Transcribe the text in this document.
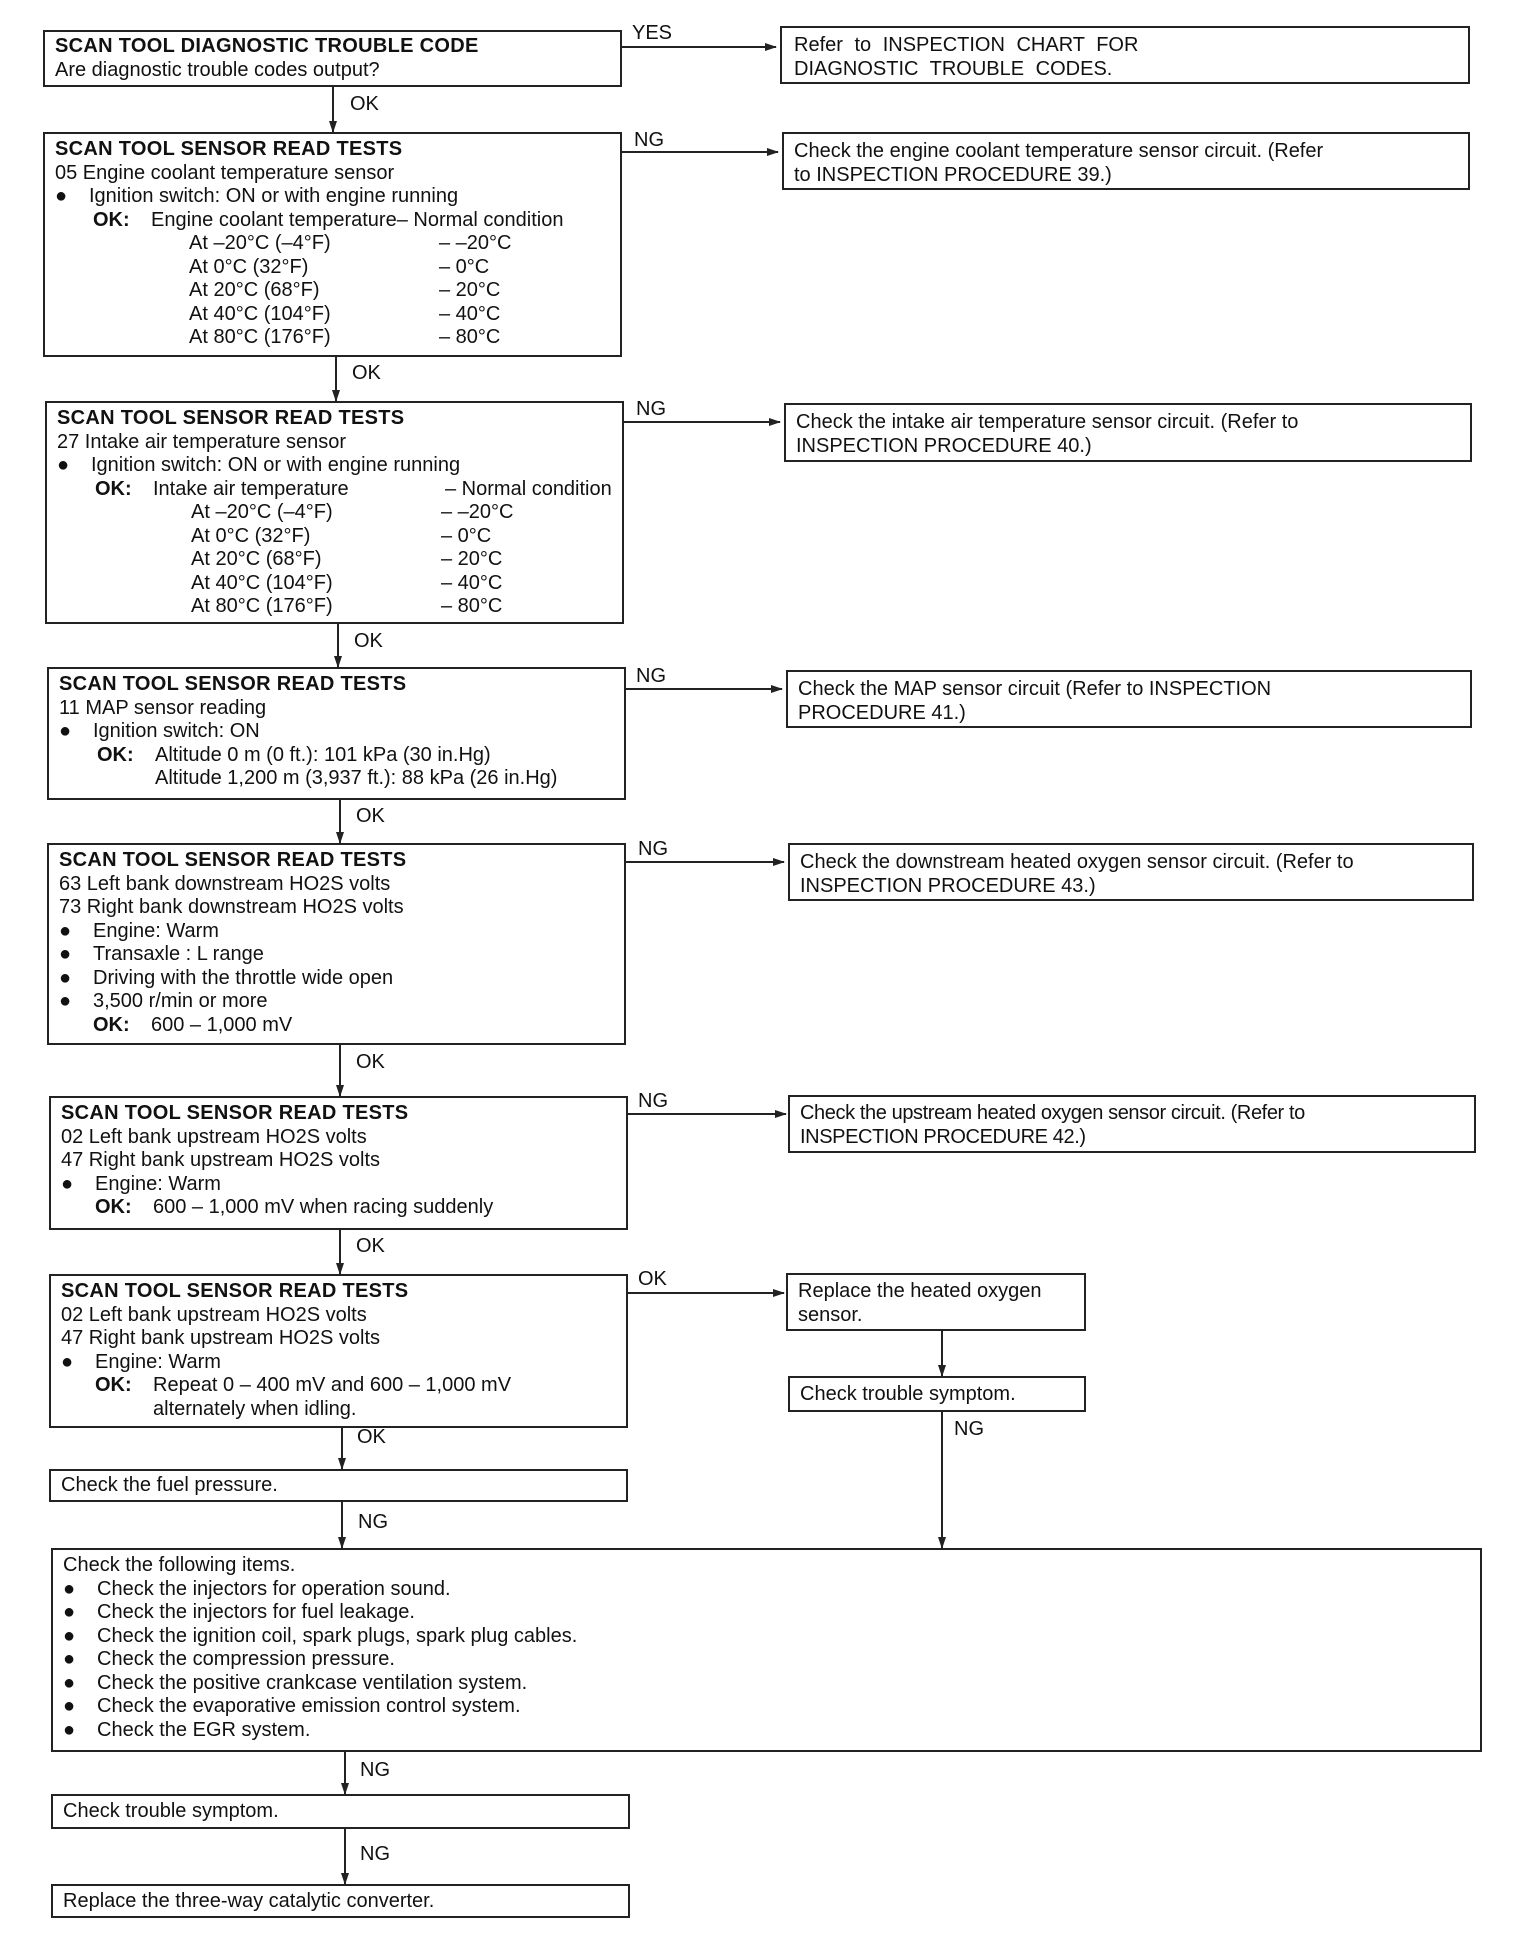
SCAN TOOL DIAGNOSTIC TROUBLE CODE
Are diagnostic trouble codes output?
YES
Refer to INSPECTION CHART FOR DIAGNOSTIC TROUBLE CODES.
OK
SCAN TOOL SENSOR READ TESTS
05 Engine coolant temperature sensor
●	Ignition switch: ON or with engine running
OK:	Engine coolant temperature – Normal condition
At –20°C (–4°F)	– –20°C
At 0°C (32°F)	– 0°C
At 20°C (68°F)	– 20°C
At 40°C (104°F)	– 40°C
At 80°C (176°F)	– 80°C
NG	Check the engine coolant temperature sensor circuit. (Refer to INSPECTION PROCEDURE 39.)
OK
SCAN TOOL SENSOR READ TESTS
27 Intake air temperature sensor
●	Ignition switch: ON or with engine running
OK:	Intake air temperature	– Normal condition
At –20°C (–4°F)	– –20°C
At 0°C (32°F)	– 0°C
At 20°C (68°F)	– 20°C
At 40°C (104°F)	– 40°C
At 80°C (176°F)	– 80°C
NG
Check the intake air temperature sensor circuit. (Refer to INSPECTION PROCEDURE 40.)
OK
SCAN TOOL SENSOR READ TESTS
11 MAP sensor reading
●	Ignition switch: ON
OK:	Altitude 0 m (0 ft.): 101 kPa (30 in.Hg)
Altitude 1,200 m (3,937 ft.): 88 kPa (26 in.Hg)
NG
Check the MAP sensor circuit (Refer to INSPECTION PROCEDURE 41.)
OK
SCAN TOOL SENSOR READ TESTS
63 Left bank downstream HO2S volts
73 Right bank downstream HO2S volts
●	Engine: Warm
●	Transaxle : L range
●	Driving with the throttle wide open
●	3,500 r/min or more
OK:	600 – 1,000 mV
NG
Check the downstream heated oxygen sensor circuit. (Refer to INSPECTION PROCEDURE 43.)
OK
SCAN TOOL SENSOR READ TESTS
02 Left bank upstream HO2S volts
47 Right bank upstream HO2S volts
●	Engine: Warm
OK:	600 – 1,000 mV when racing suddenly
NG
Check the upstream heated oxygen sensor circuit. (Refer to INSPECTION PROCEDURE 42.)
OK
SCAN TOOL SENSOR READ TESTS
02 Left bank upstream HO2S volts
47 Right bank upstream HO2S volts
●	Engine: Warm
OK:	Repeat 0 – 400 mV and 600 – 1,000 mV
alternately when idling.
OK
Replace the heated oxygen sensor.
Check trouble symptom.
NG
OK
Check the fuel pressure.
NG
Check the following items.
●	Check the injectors for operation sound.
●	Check the injectors for fuel leakage.
●	Check the ignition coil, spark plugs, spark plug cables.
●	Check the compression pressure.
●	Check the positive crankcase ventilation system.
●	Check the evaporative emission control system.
●	Check the EGR system.
NG
Check trouble symptom.
NG
Replace the three-way catalytic converter.
